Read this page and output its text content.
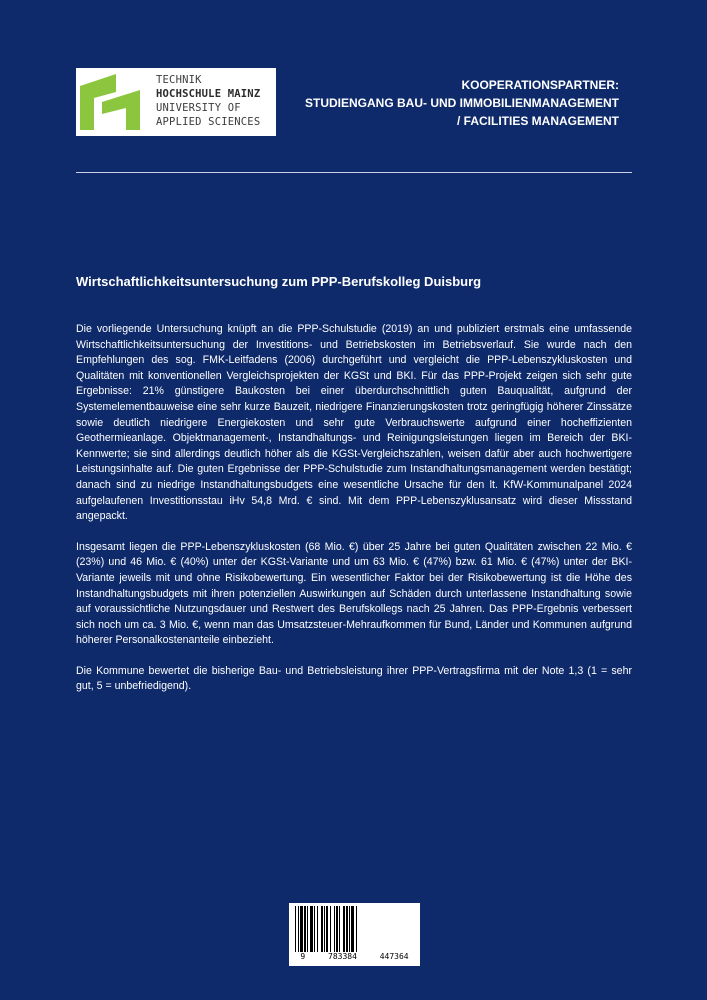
TECHNIK
HOCHSCHULE MAINZ
UNIVERSITY OF
APPLIED SCIENCES
KOOPERATIONSPARTNER:
STUDIENGANG BAU- UND IMMOBILIENMANAGEMENT
/ FACILITIES MANAGEMENT
Wirtschaftlichkeitsuntersuchung zum PPP-Berufskolleg Duisburg

Die vorliegende Untersuchung knüpft an die PPP-Schulstudie (2019) an und publiziert erstmals eine umfassende Wirtschaftlichkeitsuntersuchung der Investitions- und Betriebskosten im Betriebsverlauf. Sie wurde nach den Empfehlungen des sog. FMK-Leitfadens (2006) durchgeführt und vergleicht die PPP-Lebenszykluskosten und Qualitäten mit konventionellen Vergleichsprojekten der KGSt und BKI. Für das PPP-Projekt zeigen sich sehr gute Ergebnisse: 21% günstigere Baukosten bei einer überdurchschnittlich guten Bauqualität, aufgrund der Systemelementbauweise eine sehr kurze Bauzeit, niedrigere Finanzierungskosten trotz geringfügig höherer Zinssätze sowie deutlich niedrigere Energiekosten und sehr gute Verbrauchswerte aufgrund einer hocheffizienten Geothermieanlage. Objektmanagement-, Instandhaltungs- und Reinigungsleistungen liegen im Bereich der BKI-Kennwerte; sie sind allerdings deutlich höher als die KGSt-Vergleichszahlen, weisen dafür aber auch hochwertigere Leistungsinhalte auf. Die guten Ergebnisse der PPP-Schulstudie zum Instandhaltungsmanagement werden bestätigt; danach sind zu niedrige Instandhaltungsbudgets eine wesentliche Ursache für den lt. KfW-Kommunalpanel 2024 aufgelaufenen Investitionsstau iHv 54,8 Mrd. € sind. Mit dem PPP-Lebenszyklusansatz wird dieser Missstand angepackt.

Insgesamt liegen die PPP-Lebenszykluskosten (68 Mio. €) über 25 Jahre bei guten Qualitäten zwischen 22 Mio. € (23%) und 46 Mio. € (40%) unter der KGSt-Variante und um 63 Mio. € (47%) bzw. 61 Mio. € (47%) unter der BKI-Variante jeweils mit und ohne Risikobewertung. Ein wesentlicher Faktor bei der Risikobewertung ist die Höhe des Instandhaltungsbudgets mit ihren potenziellen Auswirkungen auf Schäden durch unterlassene Instandhaltung sowie auf voraussichtliche Nutzungsdauer und Restwert des Berufskollegs nach 25 Jahren. Das PPP-Ergebnis verbessert sich noch um ca. 3 Mio. €, wenn man das Umsatzsteuer-Mehraufkommen für Bund, Länder und Kommunen aufgrund höherer Personalkostenanteile einbezieht.

Die Kommune bewertet die bisherige Bau- und Betriebsleistung ihrer PPP-Vertragsfirma mit der Note 1,3 (1 = sehr gut, 5 = unbefriedigend).

9	783384	447364
